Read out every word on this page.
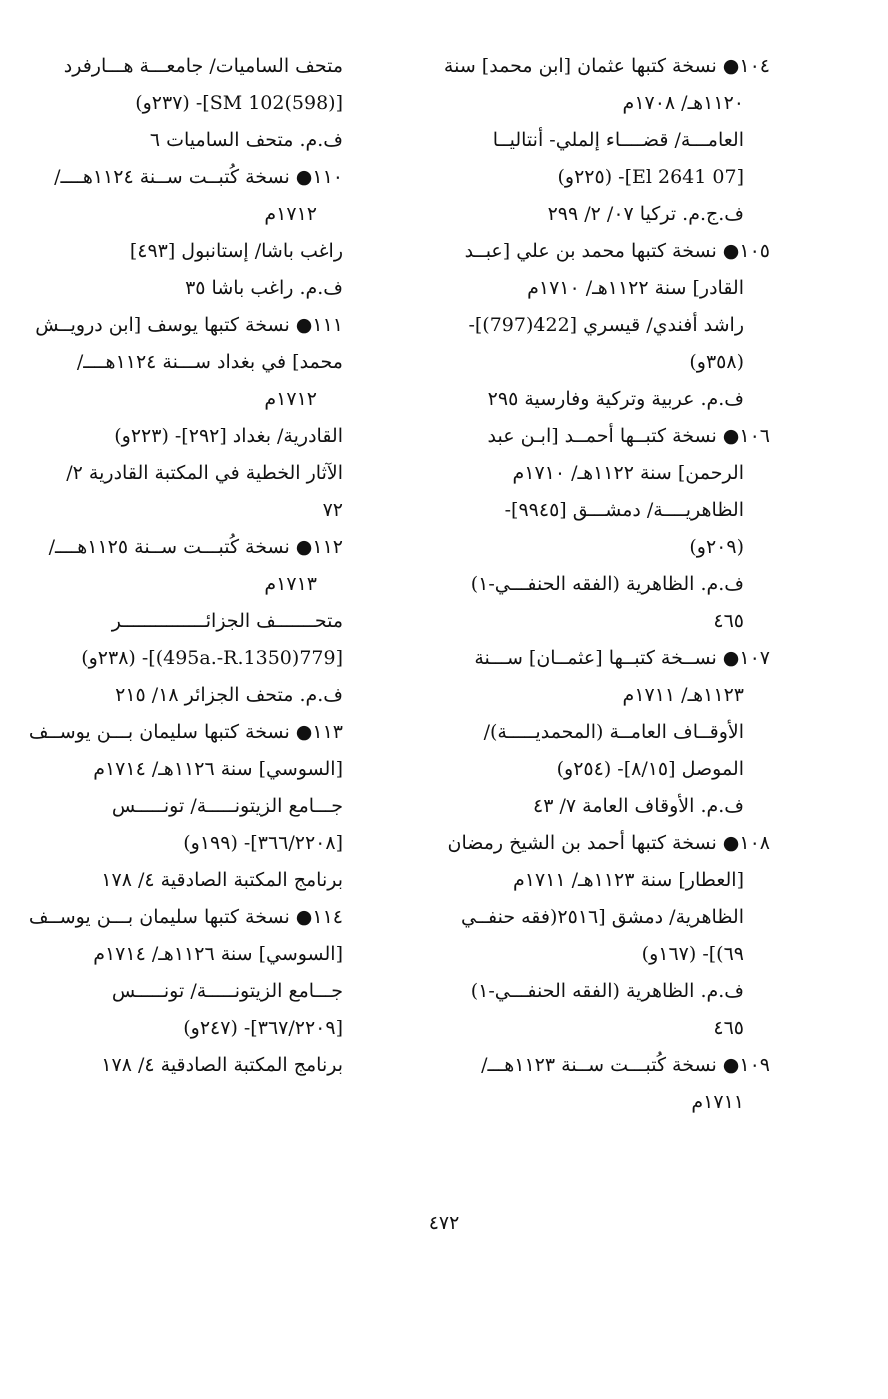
١٠٤● نسخة كتبها عثمان [ابن محمد] سنة
١١٢٠هـ/ ١٧٠٨م
العامـــة/ قضــــاء إلملي- أنتاليــا
[07 El 2641]- (٢٢٥و)
ف.ج.م. تركيا ٠٧/ ٢/ ٢٩٩
١٠٥● نسخة كتبها محمد بن علي [عبــد
القادر] سنة ١١٢٢هـ/ ١٧١٠م
راشد أفندي/ قيسري [422(797)]-
(٣٥٨و)
ف.م. عربية وتركية وفارسية ٢٩٥
١٠٦● نسخة كتبــها أحمــد [ابـن عبد
الرحمن] سنة ١١٢٢هـ/ ١٧١٠م
الظاهريــــة/ دمشـــق [٩٩٤٥]-
(٢٠٩و)
ف.م. الظاهرية (الفقه الحنفـــي-١)
٤٦٥
١٠٧● نســخة كتبــها [عثمــان] ســـنة
١١٢٣هـ/ ١٧١١م
الأوقــاف العامــة (المحمديـــــة)/
الموصل [٨/١٥]- (٢٥٤و)
ف.م. الأوقاف العامة ٧/ ٤٣
١٠٨● نسخة كتبها أحمد بن الشيخ رمضان
[العطار] سنة ١١٢٣هـ/ ١٧١١م
الظاهرية/ دمشق [٢٥١٦(فقه حنفــي
٦٩)]- (١٦٧و)
ف.م. الظاهرية (الفقه الحنفـــي-١)
٤٦٥
١٠٩● نسخة كُتبـــت ســنة ١١٢٣هـــ/
١٧١١م
متحف الساميات/ جامعـــة هـــارفرد
[SM 102(598)]- (٢٣٧و)
ف.م. متحف الساميات ٦
١١٠● نسخة كُتبــت ســنة ١١٢٤هــــ/
١٧١٢م
راغب باشا/ إستانبول [٤٩٣]
ف.م. راغب باشا ٣٥
١١١● نسخة كتبها يوسف [ابن درويــش
محمد] في بغداد ســـنة ١١٢٤هــــ/
١٧١٢م
القادرية/ بغداد [٢٩٢]- (٢٢٣و)
الآثار الخطية في المكتبة القادرية ٢/
٧٢
١١٢● نسخة كُتبـــت ســنة ١١٢٥هــــ/
١٧١٣م
متحـــــــف الجزائـــــــــــــــر
[779(495a.-R.1350)]- (٢٣٨و)
ف.م. متحف الجزائر ١٨/ ٢١٥
١١٣● نسخة كتبها سليمان بـــن يوســف
[السوسي] سنة ١١٢٦هـ/ ١٧١٤م
جـــامع الزيتونـــــة/ تونـــــس
[٣٦٦/٢٢٠٨]- (١٩٩و)
برنامج المكتبة الصادقية ٤/ ١٧٨
١١٤● نسخة كتبها سليمان بـــن يوســف
[السوسي] سنة ١١٢٦هـ/ ١٧١٤م
جـــامع الزيتونـــــة/ تونـــــس
[٣٦٧/٢٢٠٩]- (٢٤٧و)
برنامج المكتبة الصادقية ٤/ ١٧٨
٤٧٢
